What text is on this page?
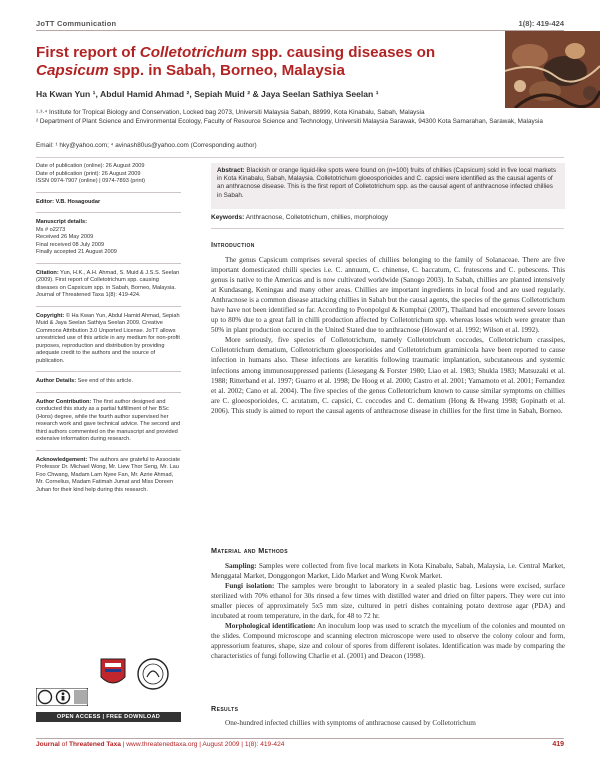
JoTT Communication	1(8): 419-424
First report of Colletotrichum spp. causing diseases on Capsicum spp. in Sabah, Borneo, Malaysia
Ha Kwan Yun ¹, Abdul Hamid Ahmad ², Sepiah Muid ² & Jaya Seelan Sathiya Seelan ¹
¹·³·⁴ Institute for Tropical Biology and Conservation, Locked bag 2073, Universiti Malaysia Sabah, 88999, Kota Kinabalu, Sabah, Malaysia
² Department of Plant Science and Environmental Ecology, Faculty of Resource Science and Technology, Universiti Malaysia Sarawak, 94300 Kota Samarahan, Sarawak, Malaysia
Email: ¹ hky@yahoo.com; ⁴ avinash80us@yahoo.com (Corresponding author)
Date of publication (online): 26 August 2009
Date of publication (print): 26 August 2009
ISSN 0974-7907 (online) | 0974-7893 (print)
Editor: V.B. Hosagoudar
Manuscript details:
Ms # o2273
Received 26 May 2009
Final received 08 July 2009
Finally accepted 21 August 2009
Citation: Yun, H.K., A.H. Ahmad, S. Muid & J.S.S. Seelan (2009). First report of Colletotrichum spp. causing diseases on Capsicum spp. in Sabah, Borneo, Malaysia. Journal of Threatened Taxa 1(8): 419-424.
Copyright: © Ha Kwan Yun, Abdul Hamid Ahmad, Sepiah Muid & Jaya Seelan Sathiya Seelan 2009. Creative Commons Attribution 3.0 Unported License. JoTT allows unrestricted use of this article in any medium for non-profit purposes, reproduction and distribution by providing adequate credit to the authors and the source of publication.
Author Details: See end of this article.
Author Contribution: The first author designed and conducted this study as a partial fulfillment of her BSc (Hons) degree, while the fourth author supervised her research work and gave technical advice. The second and third authors commented on the manuscript and provided extensive information during research.
Acknowledgement: The authors are grateful to Associate Professor Dr. Michael Wong, Mr. Liew Thor Seng, Mr. Lau Foo Chwang, Madam Lam Nyee Fan, Mr. Azrie Ahmad, Mr. Cornelius, Madam Fatimah Jumat and Miss Doreen Juhan for their kind help during this research.
OPEN ACCESS | FREE DOWNLOAD
Abstract: Blackish or orange liquid-like spots were found on (n=100) fruits of chillies (Capsicum) sold in five local markets in Kota Kinabalu, Sabah, Malaysia. Colletotrichum gloeosporioides and C. capsici were identified as the causal agents of an anthracnose disease. This is the first report of Colletotrichum spp. as the causal agent of anthracnose infected chillies in Sabah.
Keywords: Anthracnose, Colletotrichum, chillies, morphology
Introduction

The genus Capsicum comprises several species of chillies belonging to the family of Solanaceae. There are five important domesticated chilli species i.e. C. annuum, C. chinense, C. baccatum, C. frutescens and C. pubescens. This genus is native to the Americas and is now cultivated worldwide (Sanogo 2003). In Sabah, chillies are planted intensively at Kundasang, Keningau and many other areas. Chillies are important ingredients in local food and are used regularly. Anthracnose is a common disease attacking chillies in Sabah but the causal agents, the species of the genus Colletotrichum have have not been identified so far. According to Poonpolgul & Kumphai (2007), Thailand had encountered severe losses up to 80% due to a great fall in chilli production affected by Colletotrichum spp. whereas losses which were greater than 50% in plant production occured in the United Stated due to anthracnose (Howard et al. 1992; Wilson et al. 1992).

More seriously, five species of Colletotrichum, namely Colletotrichum coccodes, Colletotrichum crassipes, Colletotrichum dematium, Colletotrichum gloeosporioides and Colletotrichum graminicola have been reported to cause infection in humans also. These infections are keratitis following traumatic implantation, subcutaneous and systemic infections among immunosuppressed patients (Liesegang & Forster 1980; Liao et al. 1983; Shukla 1983; Matsuzaki et al. 1988; Ritterband et al. 1997; Guarro et al. 1998; De Hoog et al. 2000; Castro et al. 2001; Yamamoto et al. 2001; Fernandez et al. 2002; Cano et al. 2004). The five species of the genus Colletotrichum known to cause similar symptoms on chillies are C. gloeosporioides, C. acutatum, C. capsici, C. coccodes and C. dematium (Hong & Hwang 1998; Gopinath et al. 2006). This study is aimed to report the causal agents of anthracnose disease in chillies for the first time in Sabah, Borneo.

Material and Methods

Sampling: Samples were collected from five local markets in Kota Kinabalu, Sabah, Malaysia, i.e. Central Market, Menggatal Market, Donggongon Market, Lido Market and Wong Kwok Market.

Fungi isolation: The samples were brought to laboratory in a sealed plastic bag. Lesions were excised, surface sterilized with 70% ethanol for 30s rinsed a few times with distilled water and dried on filter papers. They were cut into smaller pieces of approximately 5x5 mm size, cultured in petri dishes containing potato dextrose agar (PDA) and incubated at room temperature, in the dark, for 48 to 72 hr.

Morphological identification: An inoculum loop was used to scratch the mycelium of the colonies and mounted on the slides. Compound microscope and scanning electron microscope were used to observe the colony colour and form, appressorium features, shape, size and colour of spores from different isolates. Identification was made by comparing the characteristics of fungi following Charlie et al. (2001) and Deacon (1998).

Results

One-hundred infected chillies with symptoms of anthracnose caused by Colletotrichum

Journal of Threatened Taxa | www.threatenedtaxa.org | August 2009 | 1(8): 419-424	419
